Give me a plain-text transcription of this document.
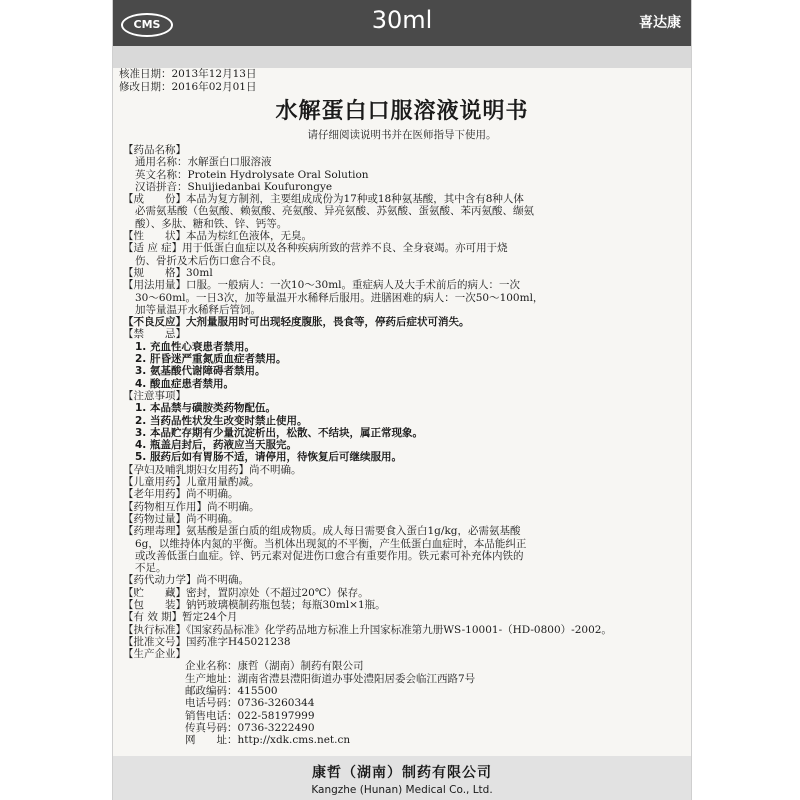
CMS	30ml	喜达康
核准日期：2013年12月13日
修改日期：2016年02月01日
水解蛋白口服溶液说明书
请仔细阅读说明书并在医师指导下使用。
【药品名称】
通用名称：水解蛋白口服溶液
英文名称：Protein Hydrolysate Oral Solution
汉语拼音：Shuijiedanbai Koufurongye
【成　　份】本品为复方制剂，主要组成成份为17种或18种氨基酸，其中含有8种人体
必需氨基酸（色氨酸、赖氨酸、亮氨酸、异亮氨酸、苏氨酸、蛋氨酸、苯丙氨酸、缬氨
酸）、多肽、糖和铁、锌、钙等。
【性　　状】本品为棕红色液体，无臭。
【适 应 症】用于低蛋白血症以及各种疾病所致的营养不良、全身衰竭。亦可用于烧
伤、骨折及术后伤口愈合不良。
【规　　格】30ml
【用法用量】口服。一般病人：一次10～30ml。重症病人及大手术前后的病人：一次
30～60ml。一日3次，加等量温开水稀释后服用。进膳困难的病人：一次50～100ml，
加等量温开水稀释后管饲。
【不良反应】大剂量服用时可出现轻度腹胀，畏食等，停药后症状可消失。
【禁　　忌】
1. 充血性心衰患者禁用。
2. 肝昏迷严重氮质血症者禁用。
3. 氨基酸代谢障碍者禁用。
4. 酸血症患者禁用。
【注意事项】
1. 本品禁与磺胺类药物配伍。
2. 当药品性状发生改变时禁止使用。
3. 本品贮存期有少量沉淀析出，松散、不结块，属正常现象。
4. 瓶盖启封后，药液应当天服完。
5. 服药后如有胃肠不适，请停用，待恢复后可继续服用。
【孕妇及哺乳期妇女用药】尚不明确。
【儿童用药】儿童用量酌减。
【老年用药】尚不明确。
【药物相互作用】尚不明确。
【药物过量】尚不明确。
【药理毒理】氨基酸是蛋白质的组成物质。成人每日需要食入蛋白1g/kg，必需氨基酸
6g，以维持体内氮的平衡。当机体出现氮的不平衡，产生低蛋白血症时，本品能纠正
或改善低蛋白血症。锌、钙元素对促进伤口愈合有重要作用。铁元素可补充体内铁的
不足。
【药代动力学】尚不明确。
【贮　　藏】密封，置阴凉处（不超过20℃）保存。
【包　　装】钠钙玻璃模制药瓶包装；每瓶30ml×1瓶。
【有 效 期】暂定24个月
【执行标准】《国家药品标准》化学药品地方标准上升国家标准第九册WS-10001-（HD-0800）-2002。
【批准文号】国药准字H45021238
【生产企业】
企业名称：康哲（湖南）制药有限公司
生产地址：湖南省澧县澧阳街道办事处澧阳居委会临江西路7号
邮政编码：415500
电话号码：0736-3260344
销售电话：022-58197999
传真号码：0736-3222490
网　　址：http://xdk.cms.net.cn
康哲（湖南）制药有限公司
Kangzhe (Hunan) Medical Co., Ltd.
